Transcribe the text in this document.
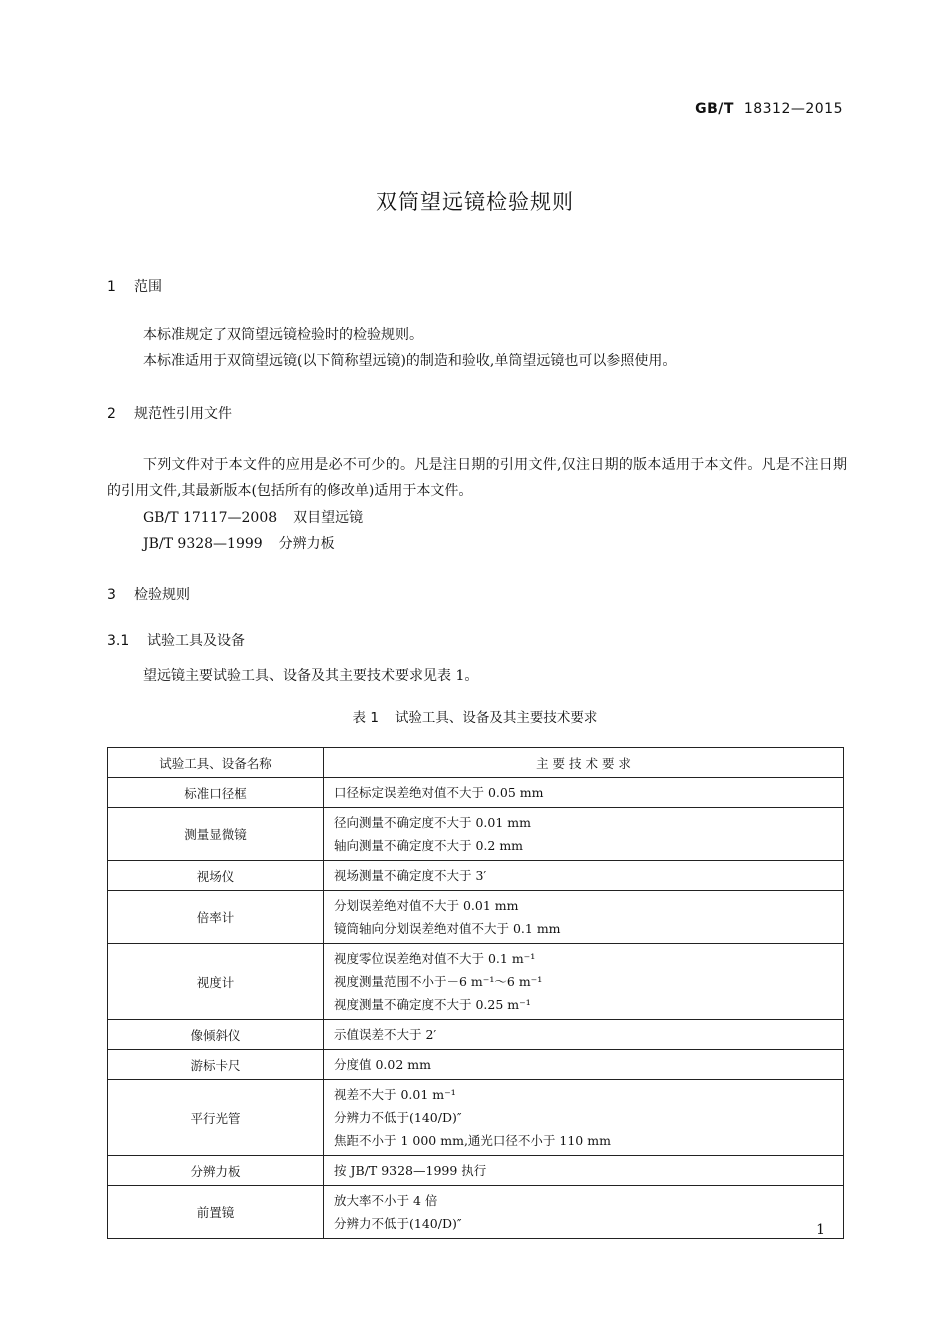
GB/T 18312—2015
双筒望远镜检验规则
1 范围
本标准规定了双筒望远镜检验时的检验规则。
本标准适用于双筒望远镜(以下简称望远镜)的制造和验收,单筒望远镜也可以参照使用。
2 规范性引用文件
下列文件对于本文件的应用是必不可少的。凡是注日期的引用文件,仅注日期的版本适用于本文件。凡是不注日期的引用文件,其最新版本(包括所有的修改单)适用于本文件。
GB/T 17117—2008 双目望远镜
JB/T 9328—1999 分辨力板
3 检验规则
3.1 试验工具及设备
望远镜主要试验工具、设备及其主要技术要求见表 1。
表 1 试验工具、设备及其主要技术要求
试验工具、设备名称	主 要 技 术 要 求
标准口径框	口径标定误差绝对值不大于 0.05 mm

测量显微镜	径向测量不确定度不大于 0.01 mm
轴向测量不确定度不大于 0.2 mm

视场仪	视场测量不确定度不大于 3′

倍率计	分划误差绝对值不大于 0.01 mm
镜筒轴向分划误差绝对值不大于 0.1 mm

视度计	视度零位误差绝对值不大于 0.1 m⁻¹
视度测量范围不小于－6 m⁻¹～6 m⁻¹
视度测量不确定度不大于 0.25 m⁻¹

像倾斜仪	示值误差不大于 2′

游标卡尺	分度值 0.02 mm

平行光管	视差不大于 0.01 m⁻¹
分辨力不低于(140/D)″
焦距不小于 1 000 mm,通光口径不小于 110 mm

分辨力板	按 JB/T 9328—1999 执行

前置镜	放大率不小于 4 倍
分辨力不低于(140/D)″	1
